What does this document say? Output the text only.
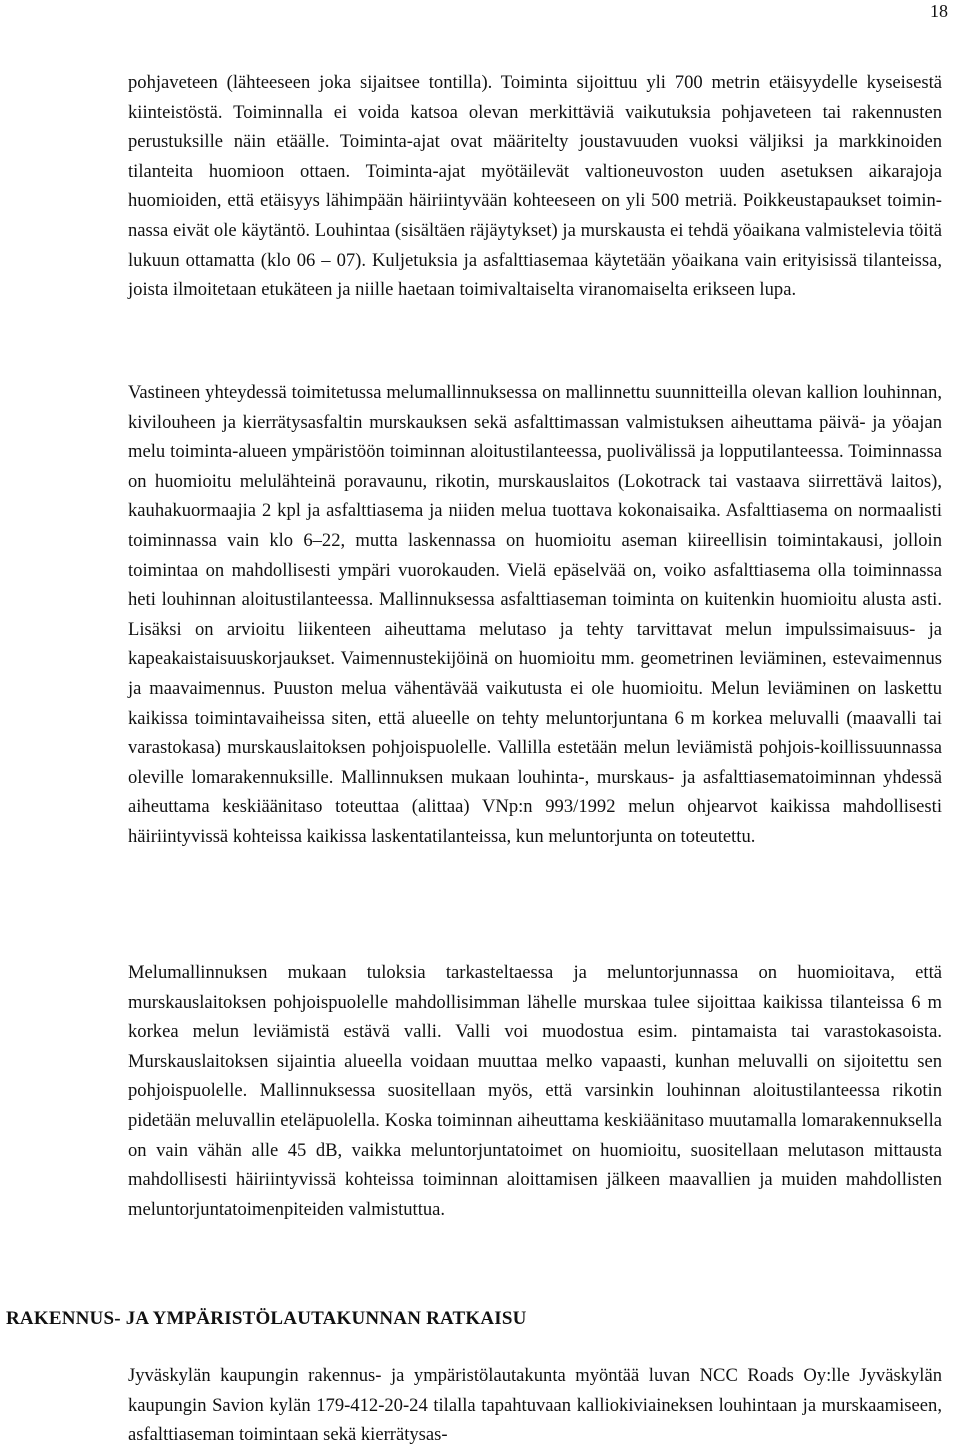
18

pohjaveteen (lähteeseen joka sijaitsee tontilla). Toiminta sijoittuu yli 700 metrin etäisyydelle kyseisestä kiinteistöstä. Toiminnalla ei voida katsoa olevan merkittäviä vaikutuksia pohjaveteen tai rakennusten perustuksille näin etäälle. Toiminta-ajat ovat määritelty joustavuuden vuoksi väljiksi ja markkinoiden tilanteita huomioon ottaen. Toiminta-ajat myötäilevät valtioneuvoston uuden asetuksen aikarajoja huomioiden, että etäisyys lähimpään häiriintyvään kohteeseen on yli 500 metriä. Poikkeustapaukset toiminnassa eivät ole käytäntö. Louhintaa (sisältäen räjäytykset) ja murskausta ei tehdä yöaikana valmistelevia töitä lukuun ottamatta (klo 06 – 07). Kuljetuksia ja asfalttiasemaa käytetään yöaikana vain erityisissä tilanteissa, joista ilmoitetaan etukäteen ja niille haetaan toimivaltaiselta viranomaiselta erikseen lupa.

Vastineen yhteydessä toimitetussa melumallinnuksessa on mallinnettu suunnitteilla olevan kallion louhinnan, kivilouheen ja kierrätysasfaltin murskauksen sekä asfalttimassan valmistuksen aiheuttama päivä- ja yöajan melu toiminta-alueen ympäristöön toiminnan aloitustilanteessa, puolivälissä ja lopputilanteessa. Toiminnassa on huomioitu melulähteinä poravaunu, rikotin, murskauslaitos (Lokotrack tai vastaava siirrettävä laitos), kauhakuormaajia 2 kpl ja asfalttiasema ja niiden melua tuottava kokonaisaika. Asfalttiasema on normaalisti toiminnassa vain klo 6–22, mutta laskennassa on huomioitu aseman kiireellisin toimintakausi, jolloin toimintaa on mahdollisesti ympäri vuorokauden. Vielä epäselvää on, voiko asfalttiasema olla toiminnassa heti louhinnan aloitustilanteessa. Mallinnuksessa asfalttiaseman toiminta on kuitenkin huomioitu alusta asti. Lisäksi on arvioitu liikenteen aiheuttama melutaso ja tehty tarvittavat melun impulssimaisuus- ja kapeakaistaisuuskorjaukset. Vaimennustekijöinä on huomioitu mm. geometrinen leviäminen, estevaimennus ja maavaimennus. Puuston melua vähentävää vaikutusta ei ole huomioitu. Melun leviäminen on laskettu kaikissa toimintavaiheissa siten, että alueelle on tehty meluntorjuntana 6 m korkea meluvalli (maavalli tai varastokasa) murskauslaitoksen pohjoispuolelle. Vallilla estetään melun leviämistä pohjois-koillissuunnassa oleville lomarakennuksille. Mallinnuksen mukaan louhinta-, murskaus- ja asfalttiasematoiminnan yhdessä aiheuttama keskiäänitaso toteuttaa (alittaa) VNp:n 993/1992 melun ohjearvot kaikissa mahdollisesti häiriintyvissä kohteissa kaikissa laskentatilanteissa, kun meluntorjunta on toteutettu.

Melumallinnuksen mukaan tuloksia tarkasteltaessa ja meluntorjunnassa on huomioitava, että murskauslaitoksen pohjoispuolelle mahdollisimman lähelle murskaa tulee sijoittaa kaikissa tilanteissa 6 m korkea melun leviämistä estävä valli. Valli voi muodostua esim. pintamaista tai varastokasoista. Murskauslaitoksen sijaintia alueella voidaan muuttaa melko vapaasti, kunhan meluvalli on sijoitettu sen pohjoispuolelle. Mallinnuksessa suositellaan myös, että varsinkin louhinnan aloitustilanteessa rikotin pidetään meluvallin eteläpuolella. Koska toiminnan aiheuttama keskiäänitaso muutamalla lomarakennuksella on vain vähän alle 45 dB, vaikka meluntorjuntatoimet on huomioitu, suositellaan melutason mittausta mahdollisesti häiriintyvissä kohteissa toiminnan aloittamisen jälkeen maavallien ja muiden mahdollisten meluntorjuntatoimenpiteiden valmistuttua.

RAKENNUS- JA YMPÄRISTÖLAUTAKUNNAN RATKAISU

Jyväskylän kaupungin rakennus- ja ympäristölautakunta myöntää luvan NCC Roads Oy:lle Jyväskylän kaupungin Savion kylän 179-412-20-24 tilalla tapahtuvaan kalliokiviaineksen louhintaan ja murskaamiseen, asfalttiaseman toimintaan sekä kierrätysas-
